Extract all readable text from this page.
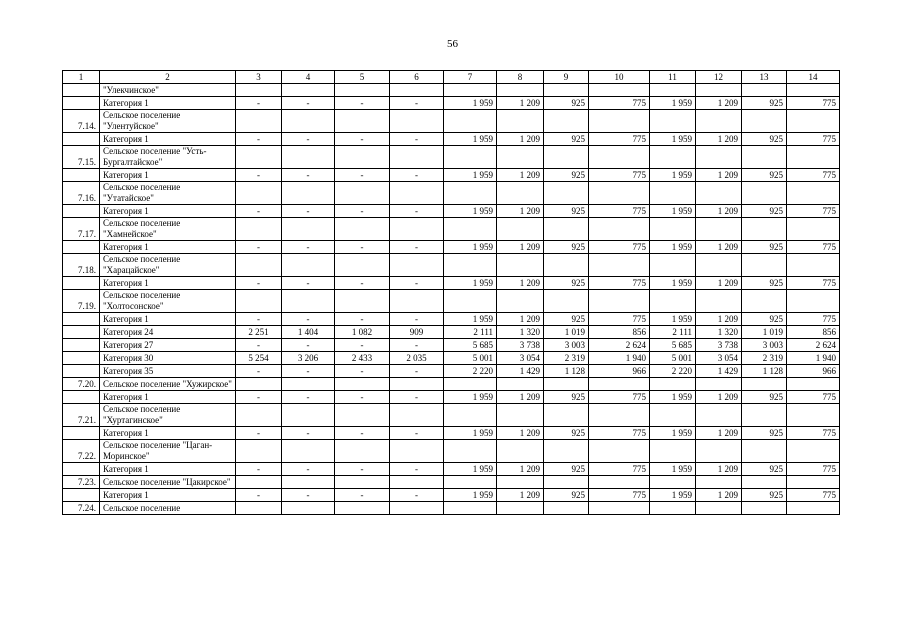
56
1	2	3	4	5	6	7	8	9	10	11	12	13	14
	"Улекчинское"												
	Категория 1	-	-	-	-	1 959	1 209	925	775	1 959	1 209	925	775
7.14.	Сельское поселение "Улентуйское"												
	Категория 1	-	-	-	-	1 959	1 209	925	775	1 959	1 209	925	775
7.15.	Сельское поселение "Усть-Бургалтайское"												
	Категория 1	-	-	-	-	1 959	1 209	925	775	1 959	1 209	925	775
7.16.	Сельское поселение "Утатайское"												
	Категория 1	-	-	-	-	1 959	1 209	925	775	1 959	1 209	925	775
7.17.	Сельское поселение "Хамнейское"												
	Категория 1	-	-	-	-	1 959	1 209	925	775	1 959	1 209	925	775
7.18.	Сельское поселение "Харацайское"												
	Категория 1	-	-	-	-	1 959	1 209	925	775	1 959	1 209	925	775
7.19.	Сельское поселение "Холтосонское"												
	Категория 1	-	-	-	-	1 959	1 209	925	775	1 959	1 209	925	775
	Категория 24	2 251	1 404	1 082	909	2 111	1 320	1 019	856	2 111	1 320	1 019	856
	Категория 27	-	-	-	-	5 685	3 738	3 003	2 624	5 685	3 738	3 003	2 624
	Категория 30	5 254	3 206	2 433	2 035	5 001	3 054	2 319	1 940	5 001	3 054	2 319	1 940
	Категория 35	-	-	-	-	2 220	1 429	1 128	966	2 220	1 429	1 128	966
7.20.	Сельское поселение "Хужирское"												
	Категория 1	-	-	-	-	1 959	1 209	925	775	1 959	1 209	925	775
7.21.	Сельское поселение "Хуртагинское"												
	Категория 1	-	-	-	-	1 959	1 209	925	775	1 959	1 209	925	775
7.22.	Сельское поселение "Цаган-Моринское"												
	Категория 1	-	-	-	-	1 959	1 209	925	775	1 959	1 209	925	775
7.23.	Сельское поселение "Цакирское"												
	Категория 1	-	-	-	-	1 959	1 209	925	775	1 959	1 209	925	775
7.24.	Сельское поселение												
